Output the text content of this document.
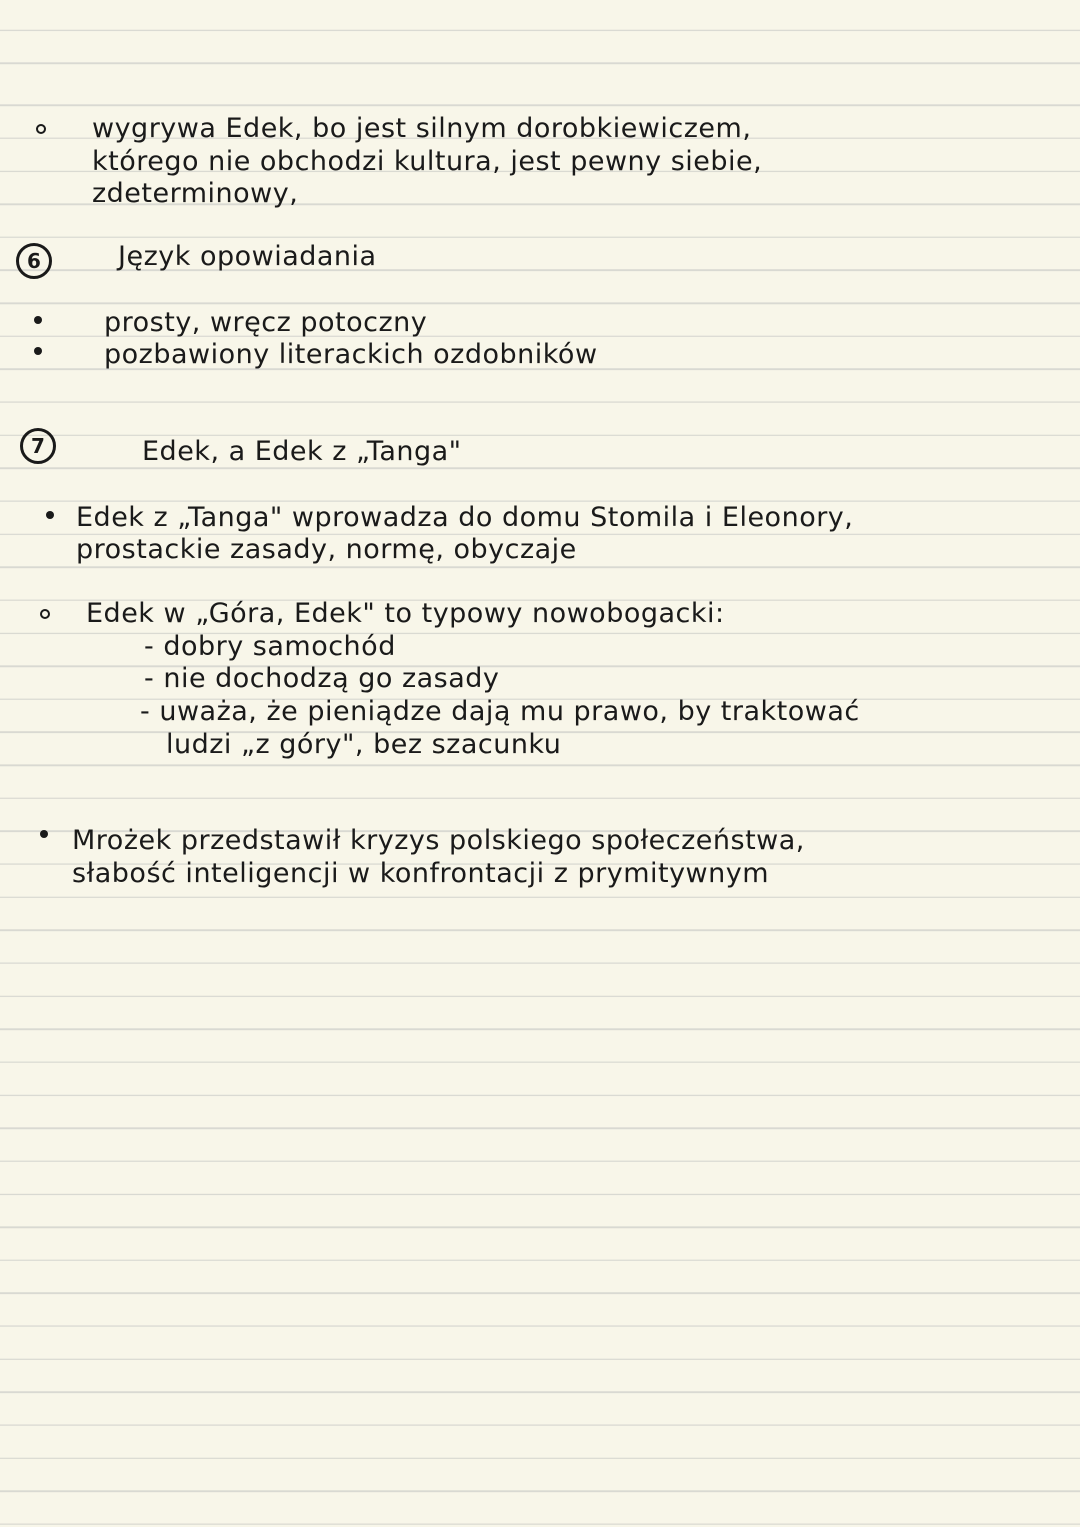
wygrywa Edek, bo jest silnym dorobkiewiczem,
którego nie obchodzi kultura, jest pewny siebie,
zdeterminowy,
6	Język opowiadania
prosty, wręcz potoczny
pozbawiony literackich ozdobników
7	Edek, a Edek z „Tanga"
Edek z „Tanga" wprowadza do domu Stomila i Eleonory,
prostackie zasady, normę, obyczaje
Edek w „Góra, Edek" to typowy nowobogacki:
- dobry samochód
- nie dochodzą go zasady
- uważa, że pieniądze dają mu prawo, by traktować
ludzi „z góry", bez szacunku
Mrożek przedstawił kryzys polskiego społeczeństwa,
słabość inteligencji w konfrontacji z prymitywnym
